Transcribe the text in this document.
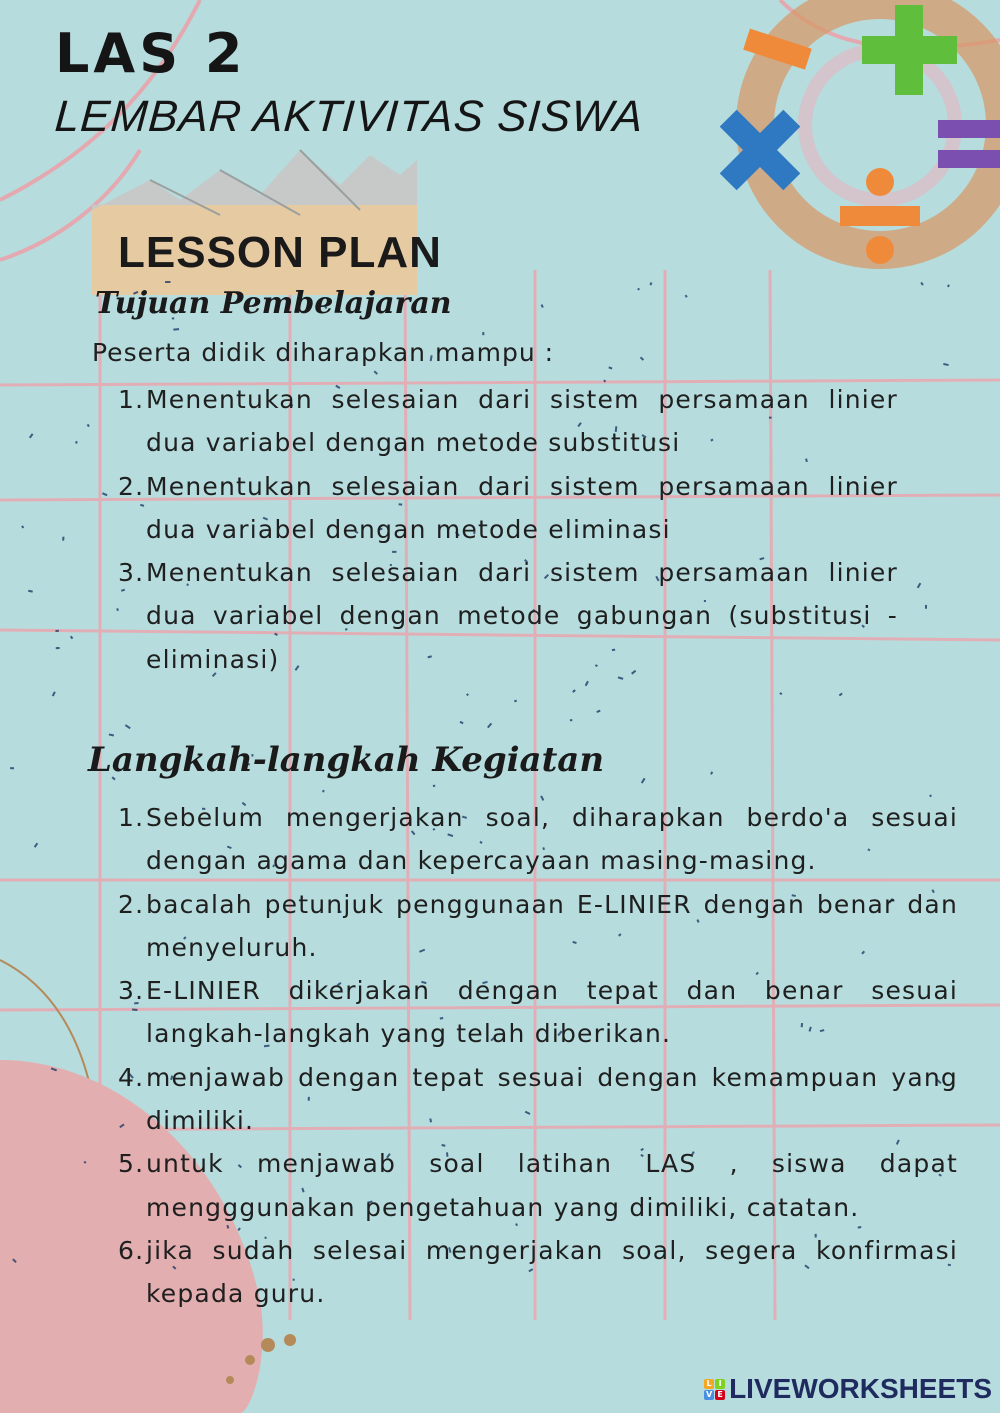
LAS 2
LEMBAR AKTIVITAS SISWA
LESSON PLAN
Tujuan Pembelajaran
Peserta didik diharapkan mampu :
1. Menentukan selesaian dari sistem persamaan linier dua variabel dengan metode substitusi
2. Menentukan selesaian dari sistem persamaan linier dua variabel dengan metode eliminasi
3. Menentukan selesaian dari sistem persamaan linier dua variabel dengan metode gabungan (substitusi - eliminasi)
Langkah-langkah Kegiatan
1. Sebelum mengerjakan soal, diharapkan berdo'a sesuai dengan agama dan kepercayaan masing-masing.
2. bacalah petunjuk penggunaan E-LINIER dengan benar dan menyeluruh.
3. E-LINIER dikerjakan dengan tepat dan benar sesuai langkah-langkah yang telah diberikan.
4. menjawab dengan tepat sesuai dengan kemampuan yang dimiliki.
5. untuk menjawab soal latihan LAS , siswa dapat mengggunakan pengetahuan yang dimiliki, catatan.
6. jika sudah selesai mengerjakan soal, segera konfirmasi kepada guru.
L I
V E LIVEWORKSHEETS
